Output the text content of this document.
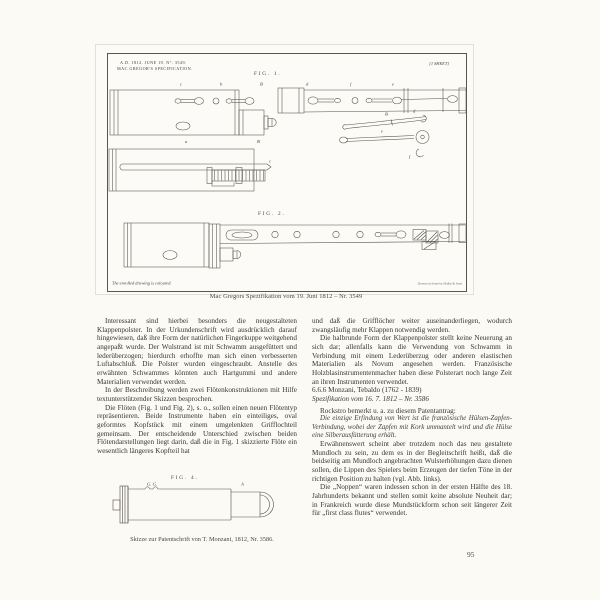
A.D. 1812. JUNE 19. N°. 3549.
MAC GREGOR'S SPECIFICATION.
[1 SHEET]
FIG. 1.
FIG. 2.
c	b	B	d	f	e
a	B
B
d
e
f
c
The enrolled drawing is coloured.	Drawn on Stone by Malby & Sons
Mac Gregors Spezifikation vom 19. Juni 1812 – Nr. 3549

Interessant sind hierbei besonders die neugestalteten Klappenpolster. In der Urkundenschrift wird ausdrücklich darauf hingewiesen, daß ihre Form der natürlichen Fingerkuppe weitgehend angepaßt wurde. Der Wulstrand ist mit Schwamm ausgefüttert und lederüberzogen; hierdurch erhoffte man sich einen verbesserten Luftabschluß. Die Polster wurden eingeschraubt. Anstelle des erwähnten Schwammes könnten auch Hartgummi und andere Materialien verwendet werden.

In der Beschreibung werden zwei Flötenkonstruktionen mit Hilfe textunterstützender Skizzen besprochen.

Die Flöten (Fig. 1 und Fig. 2), s. o., sollen einen neuen Flötentyp repräsentieren. Beide Instrumente haben ein einteiliges, oval geformtes Kopfstück mit einem umgelenkten Grifflochteil gemeinsam. Der entscheidende Unterschied zwischen beiden Flötendarstellungen liegt darin, daß die in Fig. 1 skizzierte Flöte ein wesentlich längeres Kopfteil hat

FIG. 4.
G. G.	A
Skizze zur Patentschrift von T. Monzani, 1812, Nr. 3586.

und daß die Grifflöcher weiter auseinanderliegen, wodurch zwangsläufig mehr Klappen notwendig werden.

Die halbrunde Form der Klappenpolster stellt keine Neuerung an sich dar; allenfalls kann die Verwendung von Schwamm in Verbindung mit einem Lederüberzug oder anderen elastischen Materialien als Novum angesehen werden. Französische Holzblasinstrumentenmacher haben diese Polsterart noch lange Zeit an ihren Instrumenten verwendet.

6.6.6 Monzani, Tebaldo (1762 - 1839)

Spezifikation vom 16. 7. 1812 – Nr. 3586

Rockstro bemerkt u. a. zu diesem Patentantrag:

Die einzige Erfindung von Wert ist die französische Hülsen-Zapfen-Verbindung, wobei der Zapfen mit Kork ummantelt wird und die Hülse eine Silberausfütterung erhält.

Erwähnenswert scheint aber trotzdem noch das neu gestaltete Mundloch zu sein, zu dem es in der Begleitschrift heißt, daß die beidseitig am Mundloch angebrachten Wulsterhöhungen dazu dienen sollen, die Lippen des Spielers beim Erzeugen der tiefen Töne in der richtigen Position zu halten (vgl. Abb. links).

Die „Noppen“ waren indessen schon in der ersten Hälfte des 18. Jahrhunderts bekannt und stellen somit keine absolute Neuheit dar; in Frankreich wurde diese Mundstückform schon seit längerer Zeit für „first class flutes“ verwendet.

95
